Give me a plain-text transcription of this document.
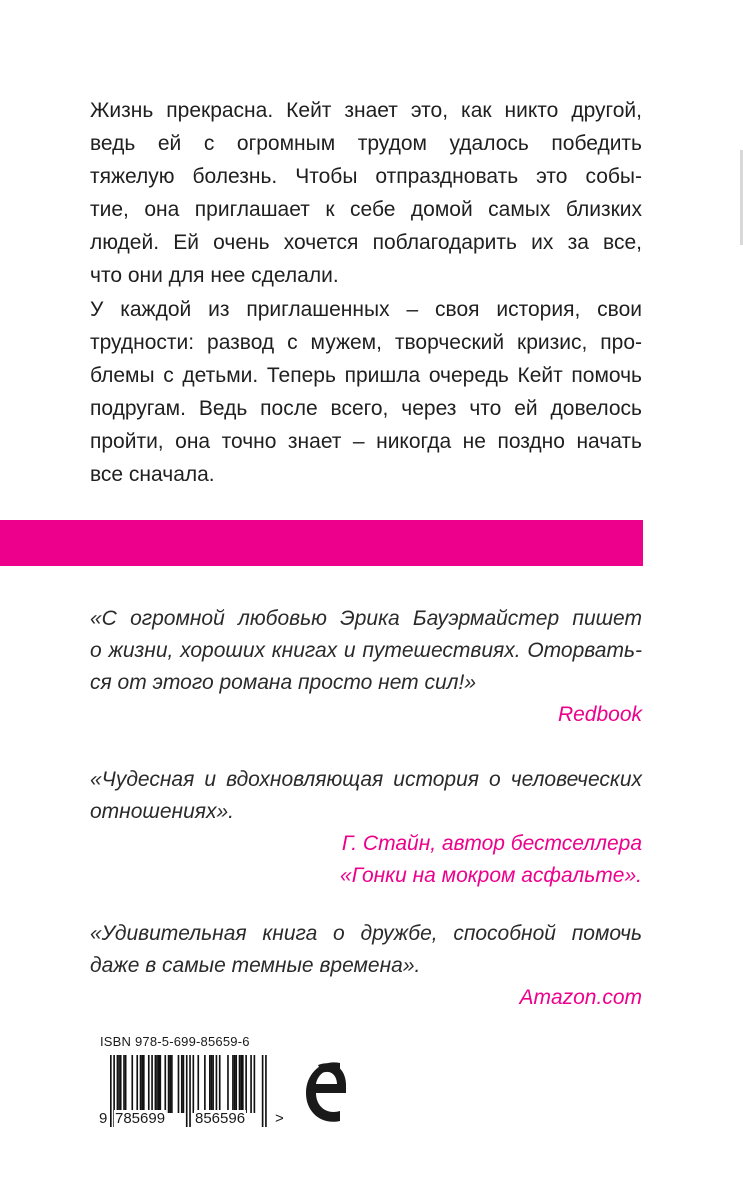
Жизнь прекрасна. Кейт знает это, как никто другой,
ведь ей с огромным трудом удалось победить
тяжелую болезнь. Чтобы отпраздновать это собы-
тие, она приглашает к себе домой самых близких
людей. Ей очень хочется поблагодарить их за все,
что они для нее сделали.

У каждой из приглашенных – своя история, свои
трудности: развод с мужем, творческий кризис, про-
блемы с детьми. Теперь пришла очередь Кейт помочь
подругам. Ведь после всего, через что ей довелось
пройти, она точно знает – никогда не поздно начать
все сначала.

«С огромной любовью Эрика Бауэрмайстер пишет
о жизни, хороших книгах и путешествиях. Оторвать-
ся от этого романа просто нет сил!»
Redbook
«Чудесная и вдохновляющая история о человеческих
отношениях».
Г. Стайн, автор бестселлера
«Гонки на мокром асфальте».
«Удивительная книга о дружбе, способной помочь
даже в самые темные времена».
Amazon.com
ISBN 978-5-699-85659-6
9 785699 856596 >
